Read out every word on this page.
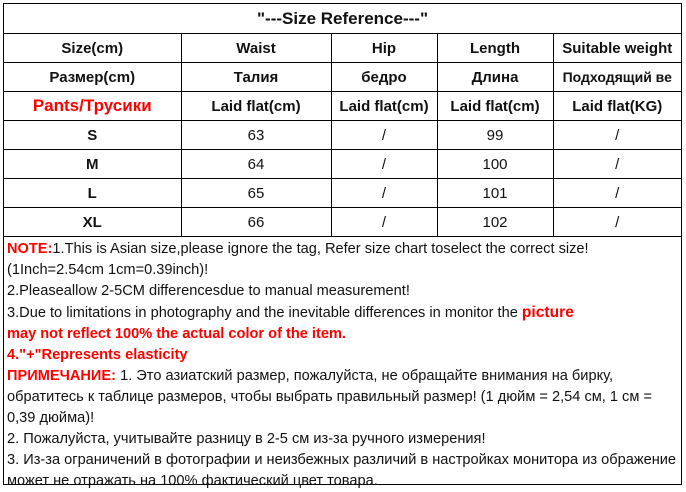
"---Size Reference---"
Size(cm)	Waist	Hip	Length	Suitable weight
Размер(cm)	Талия	бедро	Длина	Подходящий ве
Pants/Трусики	Laid flat(cm)	Laid flat(cm)	Laid flat(cm)	Laid flat(KG)
S	63	/	99	/
M	64	/	100	/
L	65	/	101	/
XL	66	/	102	/

NOTE:1.This is Asian size,please ignore the tag, Refer size chart toselect the correct size!(1Inch=2.54cm 1cm=0.39inch)!

2.Pleaseallow 2-5CM differencesdue to manual measurement!

3.Due to limitations in photography and the inevitable differences in monitor the picture

may not reflect 100% the actual color of the item.

4."+"Represents elasticity

ПРИМЕЧАНИЕ: 1. Это азиатский размер, пожалуйста, не обращайте внимания на бирку, обратитесь к таблице размеров, чтобы выбрать правильный размер! (1 дюйм = 2,54 см, 1 см = 0,39 дюйма)!

2. Пожалуйста, учитывайте разницу в 2-5 см из-за ручного измерения!

3. Из-за ограничений в фотографии и неизбежных различий в настройках монитора из ображение может не отражать на 100% фактический цвет товара.
